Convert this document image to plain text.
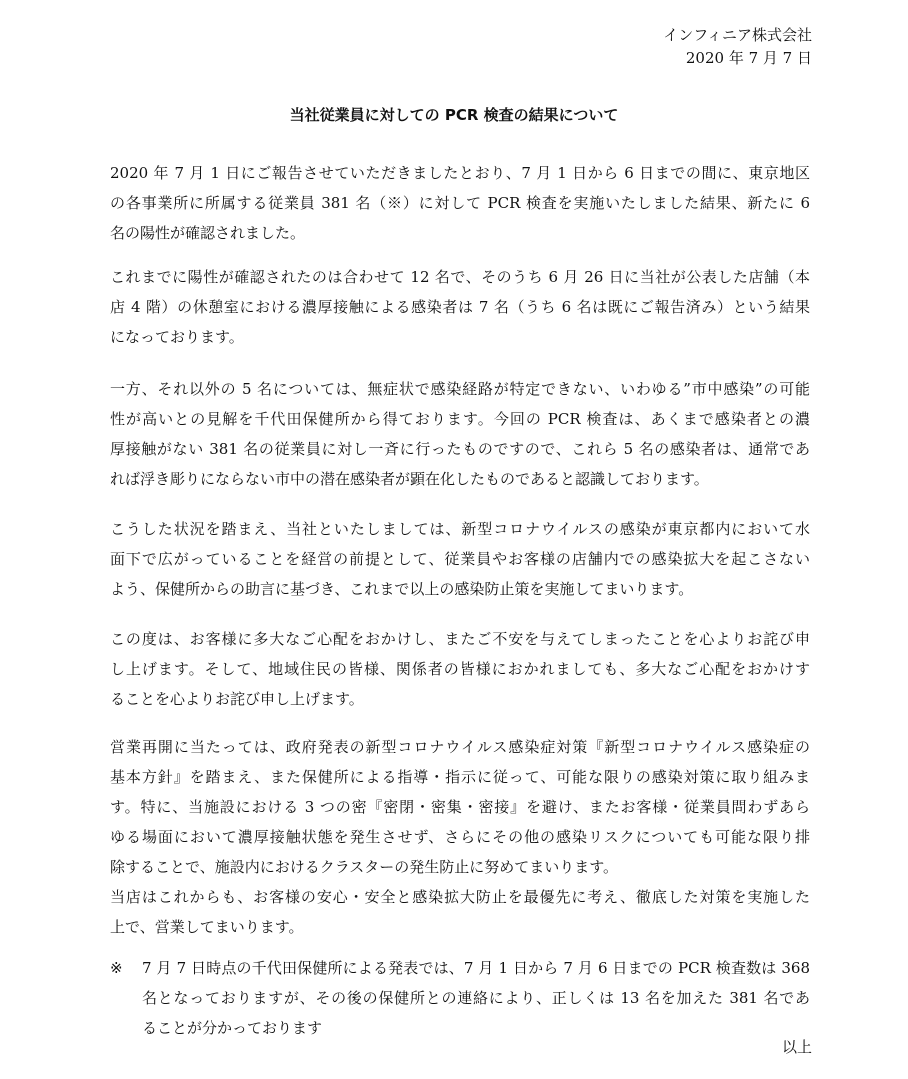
インフィニア株式会社
2020 年 7 月 7 日
当社従業員に対しての PCR 検査の結果について

2020 年 7 月 1 日にご報告させていただきましたとおり、7 月 1 日から 6 日までの間に、東京地区
の各事業所に所属する従業員 381 名（※）に対して PCR 検査を実施いたしました結果、新たに 6
名の陽性が確認されました。

これまでに陽性が確認されたのは合わせて 12 名で、そのうち 6 月 26 日に当社が公表した店舗（本
店 4 階）の休憩室における濃厚接触による感染者は 7 名（うち 6 名は既にご報告済み）という結果
になっております。

一方、それ以外の 5 名については、無症状で感染経路が特定できない、いわゆる”市中感染”の可能
性が高いとの見解を千代田保健所から得ております。今回の PCR 検査は、あくまで感染者との濃
厚接触がない 381 名の従業員に対し一斉に行ったものですので、これら 5 名の感染者は、通常であ
れば浮き彫りにならない市中の潜在感染者が顕在化したものであると認識しております。

こうした状況を踏まえ、当社といたしましては、新型コロナウイルスの感染が東京都内において水
面下で広がっていることを経営の前提として、従業員やお客様の店舗内での感染拡大を起こさない
よう、保健所からの助言に基づき、これまで以上の感染防止策を実施してまいります。

この度は、お客様に多大なご心配をおかけし、またご不安を与えてしまったことを心よりお詫び申
し上げます。そして、地域住民の皆様、関係者の皆様におかれましても、多大なご心配をおかけす
ることを心よりお詫び申し上げます。

営業再開に当たっては、政府発表の新型コロナウイルス感染症対策『新型コロナウイルス感染症の
基本方針』を踏まえ、また保健所による指導・指示に従って、可能な限りの感染対策に取り組みま
す。特に、当施設における 3 つの密『密閉・密集・密接』を避け、またお客様・従業員問わずあら
ゆる場面において濃厚接触状態を発生させず、さらにその他の感染リスクについても可能な限り排
除することで、施設内におけるクラスターの発生防止に努めてまいります。
当店はこれからも、お客様の安心・安全と感染拡大防止を最優先に考え、徹底した対策を実施した
上で、営業してまいります。

※ 7 月 7 日時点の千代田保健所による発表では、7 月 1 日から 7 月 6 日までの PCR 検査数は 368
名となっておりますが、その後の保健所との連絡により、正しくは 13 名を加えた 381 名であ
ることが分かっております
以上
